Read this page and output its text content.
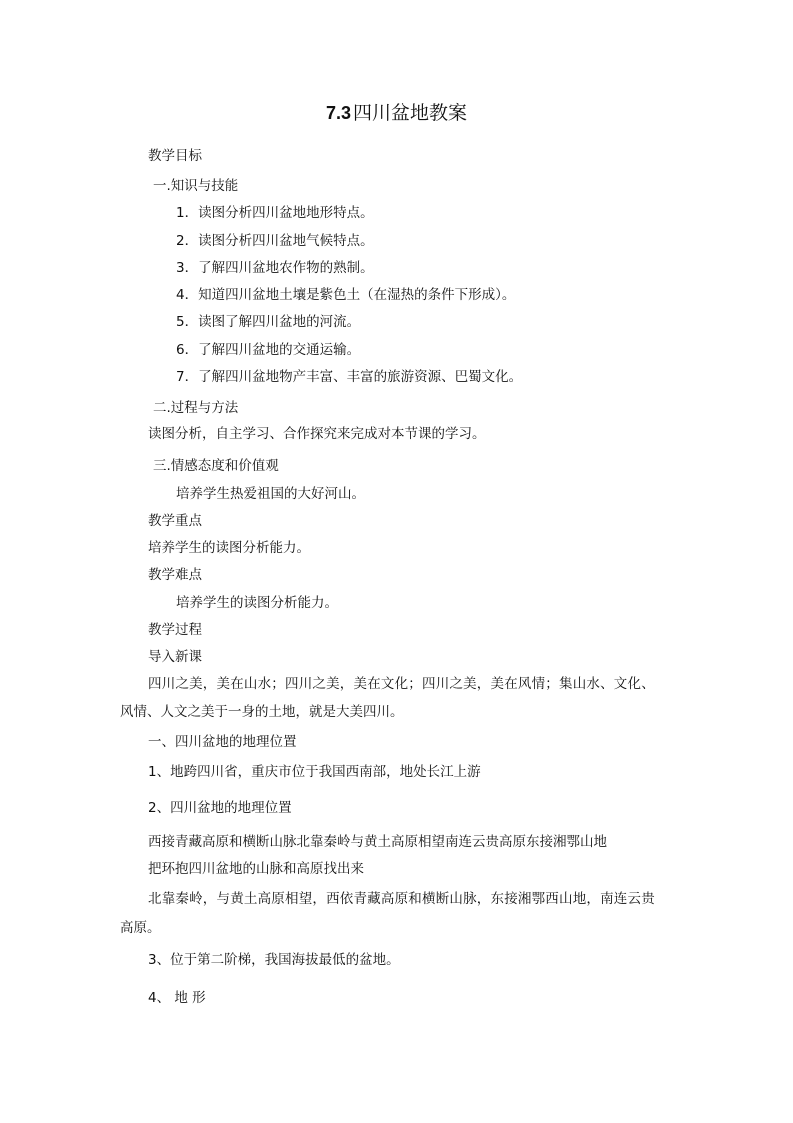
7.3 四川盆地教案
教学目标
一.知识与技能
1．读图分析四川盆地地形特点。
2．读图分析四川盆地气候特点。
3．了解四川盆地农作物的熟制。
4．知道四川盆地土壤是紫色土（在湿热的条件下形成）。
5．读图了解四川盆地的河流。
6．了解四川盆地的交通运输。
7．了解四川盆地物产丰富、丰富的旅游资源、巴蜀文化。
二.过程与方法
读图分析，自主学习、合作探究来完成对本节课的学习。
三.情感态度和价值观
培养学生热爱祖国的大好河山。
教学重点
培养学生的读图分析能力。
教学难点
培养学生的读图分析能力。
教学过程
导入新课
四川之美，美在山水；四川之美，美在文化；四川之美，美在风情；集山水、文化、
风情、人文之美于一身的土地，就是大美四川。
一、四川盆地的地理位置
1、地跨四川省，重庆市位于我国西南部，地处长江上游
2、四川盆地的地理位置
西接青藏高原和横断山脉北靠秦岭与黄土高原相望南连云贵高原东接湘鄂山地
把环抱四川盆地的山脉和高原找出来
北靠秦岭，与黄土高原相望，西依青藏高原和横断山脉，东接湘鄂西山地，南连云贵
高原。
3、位于第二阶梯，我国海拔最低的盆地。
4、 地 形
